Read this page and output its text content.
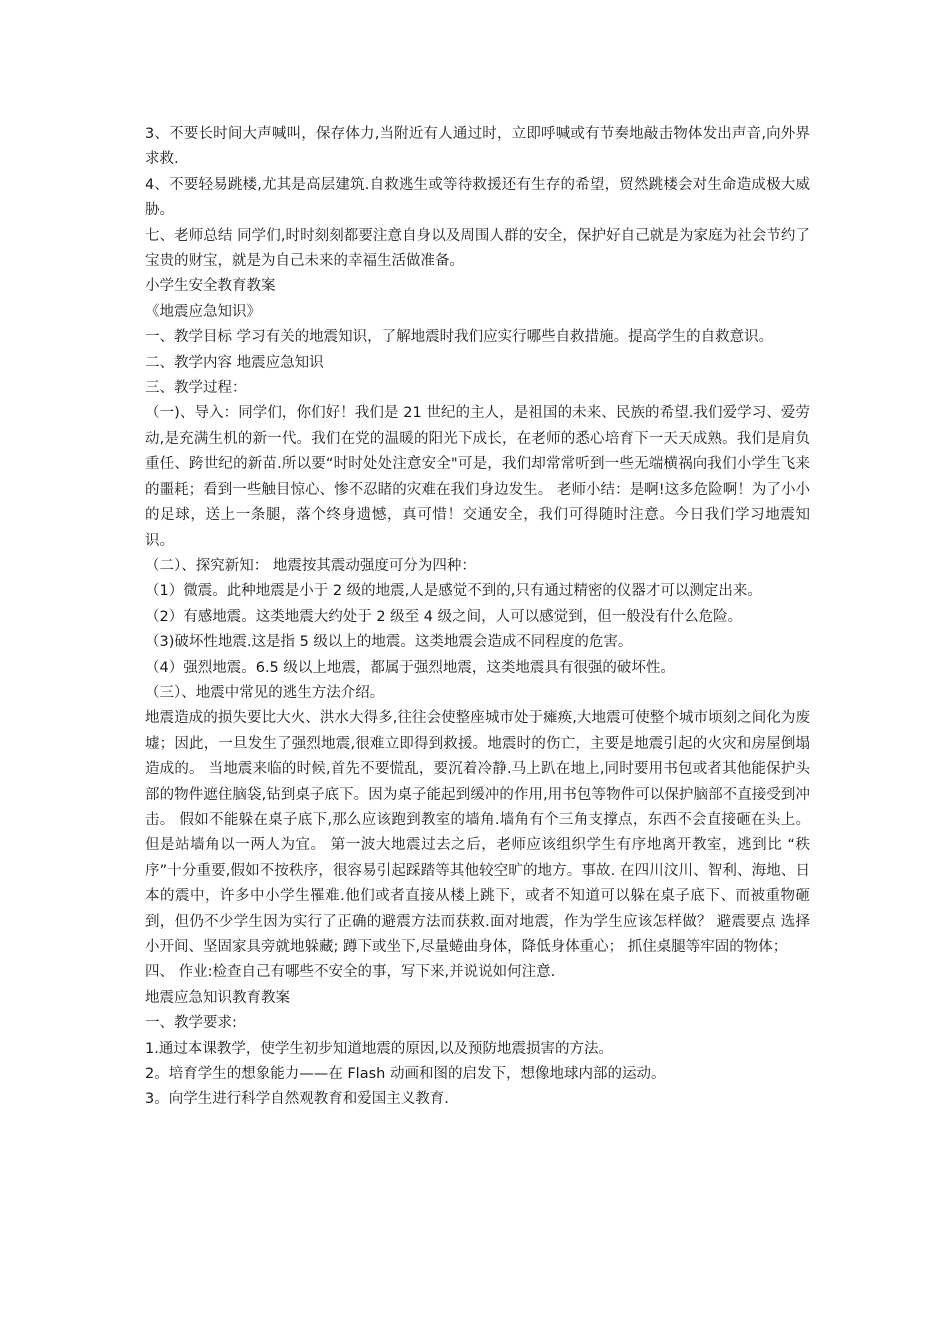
3、不要长时间大声喊叫，保存体力,当附近有人通过时，立即呼喊或有节奏地敲击物体发出声音,向外界求救.

4、不要轻易跳楼,尤其是高层建筑.自救逃生或等待救援还有生存的希望，贸然跳楼会对生命造成极大威胁。

七、老师总结 同学们,时时刻刻都要注意自身以及周围人群的安全，保护好自己就是为家庭为社会节约了宝贵的财宝，就是为自己未来的幸福生活做准备。

小学生安全教育教案

《地震应急知识》

一、教学目标 学习有关的地震知识，了解地震时我们应实行哪些自救措施。提高学生的自救意识。

二、教学内容 地震应急知识

三、教学过程：

（一)、导入：同学们，你们好！我们是 21 世纪的主人，是祖国的未来、民族的希望.我们爱学习、爱劳动,是充满生机的新一代。我们在党的温暖的阳光下成长，在老师的悉心培育下一天天成熟。我们是肩负重任、跨世纪的新苗.所以要“时时处处注意安全"可是，我们却常常听到一些无端横祸向我们小学生飞来的噩耗；看到一些触目惊心、惨不忍睹的灾难在我们身边发生。 老师小结：是啊!这多危险啊！为了小小的足球，送上一条腿，落个终身遗憾，真可惜！交通安全，我们可得随时注意。今日我们学习地震知识。

（二）、探究新知： 地震按其震动强度可分为四种：

（1）微震。此种地震是小于 2 级的地震,人是感觉不到的,只有通过精密的仪器才可以测定出来。

（2）有感地震。这类地震大约处于 2 级至 4 级之间，人可以感觉到，但一般没有什么危险。

（3)破坏性地震.这是指 5 级以上的地震。这类地震会造成不同程度的危害。

（4）强烈地震。6.5 级以上地震，都属于强烈地震，这类地震具有很强的破坏性。

（三）、地震中常见的逃生方法介绍。

地震造成的损失要比大火、洪水大得多,往往会使整座城市处于瘫痪,大地震可使整个城市顷刻之间化为废墟；因此，一旦发生了强烈地震,很难立即得到救援。地震时的伤亡，主要是地震引起的火灾和房屋倒塌造成的。 当地震来临的时候,首先不要慌乱，要沉着冷静.马上趴在地上,同时要用书包或者其他能保护头部的物件遮住脑袋,钻到桌子底下。因为桌子能起到缓冲的作用,用书包等物件可以保护脑部不直接受到冲击。 假如不能躲在桌子底下,那么应该跑到教室的墙角.墙角有个三角支撑点，东西不会直接砸在头上。但是站墙角以一两人为宜。 第一波大地震过去之后，老师应该组织学生有序地离开教室，逃到比 “秩序”十分重要,假如不按秩序，很容易引起踩踏等其他较空旷的地方。事故. 在四川汶川、智利、海地、日本的震中，许多中小学生罹难.他们或者直接从楼上跳下，或者不知道可以躲在桌子底下、而被重物砸到，但仍不少学生因为实行了正确的避震方法而获救.面对地震，作为学生应该怎样做？ 避震要点 选择小开间、坚固家具旁就地躲藏; 蹲下或坐下,尽量蜷曲身体，降低身体重心； 抓住桌腿等牢固的物体；

四、 作业:检查自己有哪些不安全的事，写下来,并说说如何注意.

地震应急知识教育教案

一、教学要求:

1.通过本课教学，使学生初步知道地震的原因,以及预防地震损害的方法。

2。培育学生的想象能力——在 Flash 动画和图的启发下，想像地球内部的运动。

3。向学生进行科学自然观教育和爱国主义教育.
